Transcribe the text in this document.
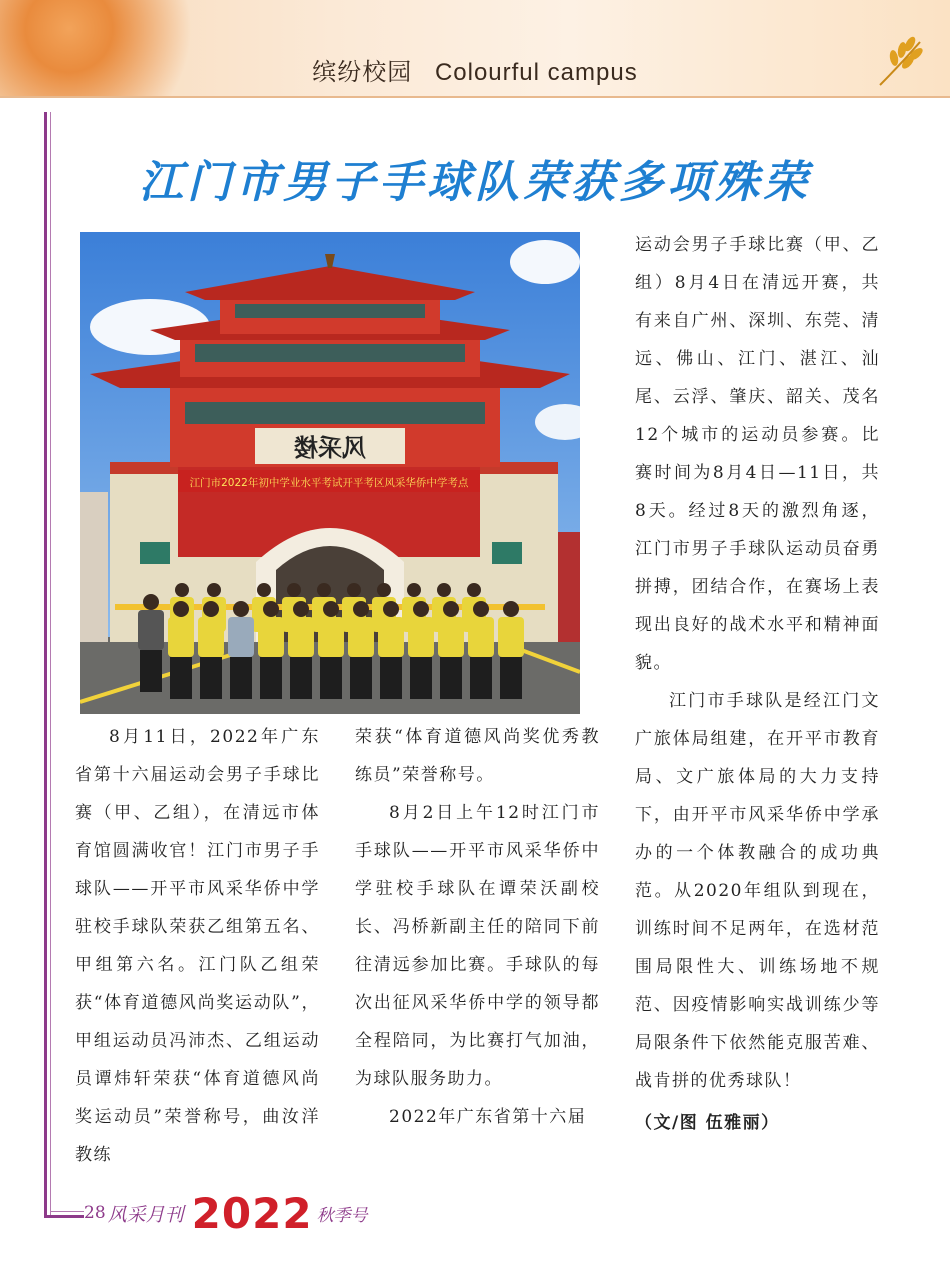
缤纷校园 Colourful campus
江门市男子手球队荣获多项殊荣
风采楼
江门市2022年初中学业水平考试开平考区风采华侨中学考点

8月11日，2022年广东省第十六届运动会男子手球比赛（甲、乙组），在清远市体育馆圆满收官！江门市男子手球队——开平市风采华侨中学驻校手球队荣获乙组第五名、甲组第六名。江门队乙组荣获“体育道德风尚奖运动队”，甲组运动员冯沛杰、乙组运动员谭炜轩荣获“体育道德风尚奖运动员”荣誉称号，曲汝洋教练

荣获“体育道德风尚奖优秀教练员”荣誉称号。

8月2日上午12时江门市手球队——开平市风采华侨中学驻校手球队在谭荣沃副校长、冯桥新副主任的陪同下前往清远参加比赛。手球队的每次出征风采华侨中学的领导都全程陪同，为比赛打气加油，为球队服务助力。

2022年广东省第十六届

运动会男子手球比赛（甲、乙组）8月4日在清远开赛，共有来自广州、深圳、东莞、清远、佛山、江门、湛江、汕尾、云浮、肇庆、韶关、茂名12个城市的运动员参赛。比赛时间为8月4日—11日，共8天。经过8天的激烈角逐，江门市男子手球队运动员奋勇拼搏，团结合作，在赛场上表现出良好的战术水平和精神面貌。

江门市手球队是经江门文广旅体局组建，在开平市教育局、文广旅体局的大力支持下，由开平市风采华侨中学承办的一个体教融合的成功典范。从2020年组队到现在，训练时间不足两年，在选材范围局限性大、训练场地不规范、因疫情影响实战训练少等局限条件下依然能克服苦难、战肯拼的优秀球队！

（文/图 伍雅丽）

28 风采月刊 2022 秋季号
